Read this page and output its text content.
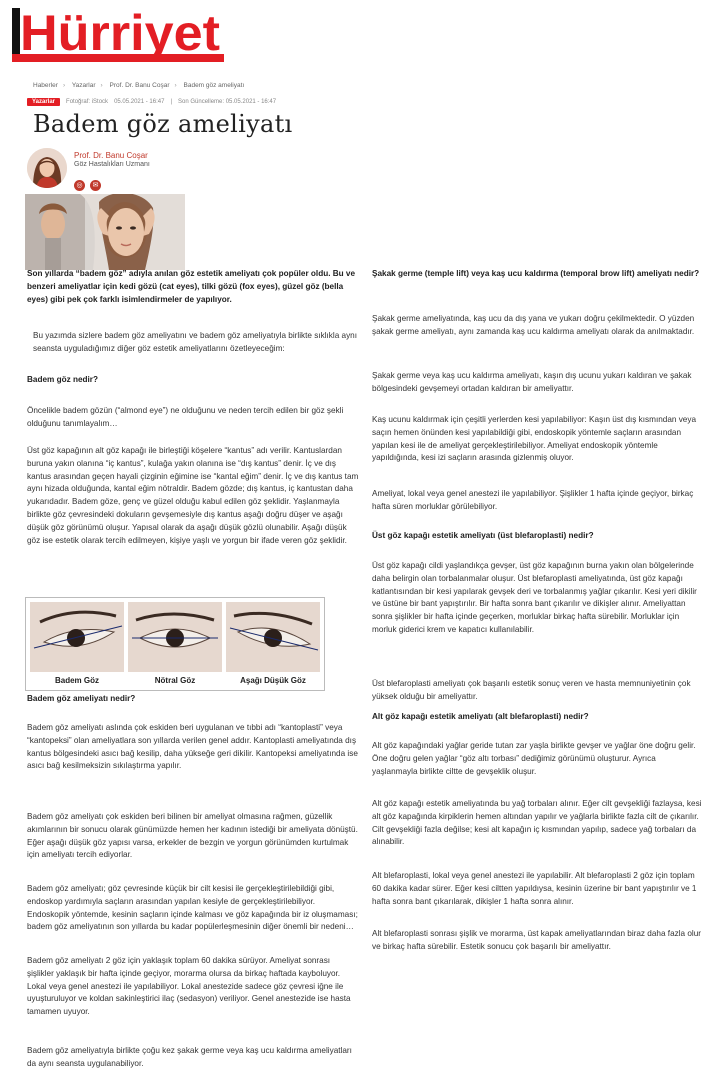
Hürriyet
Haberler › Yazarlar › Prof. Dr. Banu Coşar › Badem göz ameliyatı
Yazarlar	Fotoğraf: iStock 05.05.2021 - 16:47 | Son Güncelleme: 05.05.2021 - 16:47
Badem göz ameliyatı
Prof. Dr. Banu Coşar
Göz Hastalıkları Uzmanı
◎	✉

Son yıllarda “badem göz” adıyla anılan göz estetik ameliyatı çok popüler oldu. Bu ve benzeri ameliyatlar için kedi gözü (cat eyes), tilki gözü (fox eyes), güzel göz (bella eyes) gibi pek çok farklı isimlendirmeler de yapılıyor.

Bu yazımda sizlere badem göz ameliyatını ve badem göz ameliyatıyla birlikte sıklıkla aynı seansta uyguladığımız diğer göz estetik ameliyatlarını özetleyeceğim:

Badem göz nedir?

Öncelikle badem gözün (“almond eye”) ne olduğunu ve neden tercih edilen bir göz şekli olduğunu tanımlayalım…

Üst göz kapağının alt göz kapağı ile birleştiği köşelere “kantus” adı verilir. Kantuslardan buruna yakın olanına “iç kantus”, kulağa yakın olanına ise “dış kantus” denir. İç ve dış kantus arasından geçen hayali çizginin eğimine ise “kantal eğim” denir. İç ve dış kantus tam aynı hizada olduğunda, kantal eğim nötraldir. Badem gözde; dış kantus, iç kantustan daha yukarıdadır. Badem göze, genç ve güzel olduğu kabul edilen göz şeklidir. Yaşlanmayla birlikte göz çevresindeki dokuların gevşemesiyle dış kantus aşağı doğru düşer ve aşağı düşük göz görünümü oluşur. Yapısal olarak da aşağı düşük gözlü olunabilir. Aşağı düşük göz ise estetik olarak tercih edilmeyen, kişiye yaşlı ve yorgun bir ifade veren göz şeklidir.

Badem Göz	Nötral Göz	Aşağı Düşük Göz

Badem göz ameliyatı nedir?

Badem göz ameliyatı aslında çok eskiden beri uygulanan ve tıbbi adı “kantoplasti” veya “kantopeksi” olan ameliyatlara son yıllarda verilen genel addır. Kantoplasti ameliyatında dış kantus bölgesindeki asıcı bağ kesilip, daha yükseğe geri dikilir. Kantopeksi ameliyatında ise asıcı bağ kesilmeksizin sıkılaştırma yapılır.

Badem göz ameliyatı çok eskiden beri bilinen bir ameliyat olmasına rağmen, güzellik akımlarının bir sonucu olarak günümüzde hemen her kadının istediği bir ameliyata dönüştü. Eğer aşağı düşük göz yapısı varsa, erkekler de bezgin ve yorgun görünümden kurtulmak için ameliyatı tercih ediyorlar.

Badem göz ameliyatı; göz çevresinde küçük bir cilt kesisi ile gerçekleştirilebildiği gibi, endoskop yardımıyla saçların arasından yapılan kesiyle de gerçekleştirilebiliyor. Endoskopik yöntemde, kesinin saçların içinde kalması ve göz kapağında bir iz oluşmaması; badem göz ameliyatının son yıllarda bu kadar popülerleşmesinin diğer önemli bir nedeni…

Badem göz ameliyatı 2 göz için yaklaşık toplam 60 dakika sürüyor. Ameliyat sonrası şişlikler yaklaşık bir hafta içinde geçiyor, morarma olursa da birkaç haftada kayboluyor. Lokal veya genel anestezi ile yapılabiliyor. Lokal anestezide sadece göz çevresi iğne ile uyuşturuluyor ve koldan sakinleştirici ilaç (sedasyon) veriliyor. Genel anestezide ise hasta tamamen uyuyor.

Badem göz ameliyatıyla birlikte çoğu kez şakak germe veya kaş ucu kaldırma ameliyatları da aynı seansta uygulanabiliyor.

Şakak germe (temple lift) veya kaş ucu kaldırma (temporal brow lift) ameliyatı nedir?

Şakak germe ameliyatında, kaş ucu da dış yana ve yukarı doğru çekilmektedir. O yüzden şakak germe ameliyatı, aynı zamanda kaş ucu kaldırma ameliyatı olarak da anılmaktadır.

Şakak germe veya kaş ucu kaldırma ameliyatı, kaşın dış ucunu yukarı kaldıran ve şakak bölgesindeki gevşemeyi ortadan kaldıran bir ameliyattır.

Kaş ucunu kaldırmak için çeşitli yerlerden kesi yapılabiliyor: Kaşın üst dış kısmından veya saçın hemen önünden kesi yapılabildiği gibi, endoskopik yöntemle saçların arasından yapılan kesi ile de ameliyat gerçekleştirilebiliyor. Ameliyat endoskopik yöntemle yapıldığında, kesi izi saçların arasında gizlenmiş oluyor.

Ameliyat, lokal veya genel anestezi ile yapılabiliyor. Şişlikler 1 hafta içinde geçiyor, birkaç hafta süren morluklar görülebiliyor.

Üst göz kapağı estetik ameliyatı (üst blefaroplasti) nedir?

Üst göz kapağı cildi yaşlandıkça gevşer, üst göz kapağının burna yakın olan bölgelerinde daha belirgin olan torbalanmalar oluşur. Üst blefaroplasti ameliyatında, üst göz kapağı katlantısından bir kesi yapılarak gevşek deri ve torbalanmış yağlar çıkarılır. Kesi yeri dikilir ve üstüne bir bant yapıştırılır. Bir hafta sonra bant çıkarılır ve dikişler alınır. Ameliyattan sonra şişlikler bir hafta içinde geçerken, morluklar birkaç hafta sürebilir. Morluklar için morluk giderici krem ve kapatıcı kullanılabilir.

Üst blefaroplasti ameliyatı çok başarılı estetik sonuç veren ve hasta memnuniyetinin çok yüksek olduğu bir ameliyattır.

Alt göz kapağı estetik ameliyatı (alt blefaroplasti) nedir?

Alt göz kapağındaki yağlar geride tutan zar yaşla birlikte gevşer ve yağlar öne doğru gelir. Öne doğru gelen yağlar “göz altı torbası” dediğimiz görünümü oluşturur. Ayrıca yaşlanmayla birlikte ciltte de gevşeklik oluşur.

Alt göz kapağı estetik ameliyatında bu yağ torbaları alınır. Eğer cilt gevşekliği fazlaysa, kesi alt göz kapağında kirpiklerin hemen altından yapılır ve yağlarla birlikte fazla cilt de çıkarılır. Cilt gevşekliği fazla değilse; kesi alt kapağın iç kısmından yapılıp, sadece yağ torbaları da alınabilir.

Alt blefaroplasti, lokal veya genel anestezi ile yapılabilir. Alt blefaroplasti 2 göz için toplam 60 dakika kadar sürer. Eğer kesi ciltten yapıldıysa, kesinin üzerine bir bant yapıştırılır ve 1 hafta sonra bant çıkarılarak, dikişler 1 hafta sonra alınır.

Alt blefaroplasti sonrası şişlik ve morarma, üst kapak ameliyatlarından biraz daha fazla olur ve birkaç hafta sürebilir. Estetik sonucu çok başarılı bir ameliyattır.
